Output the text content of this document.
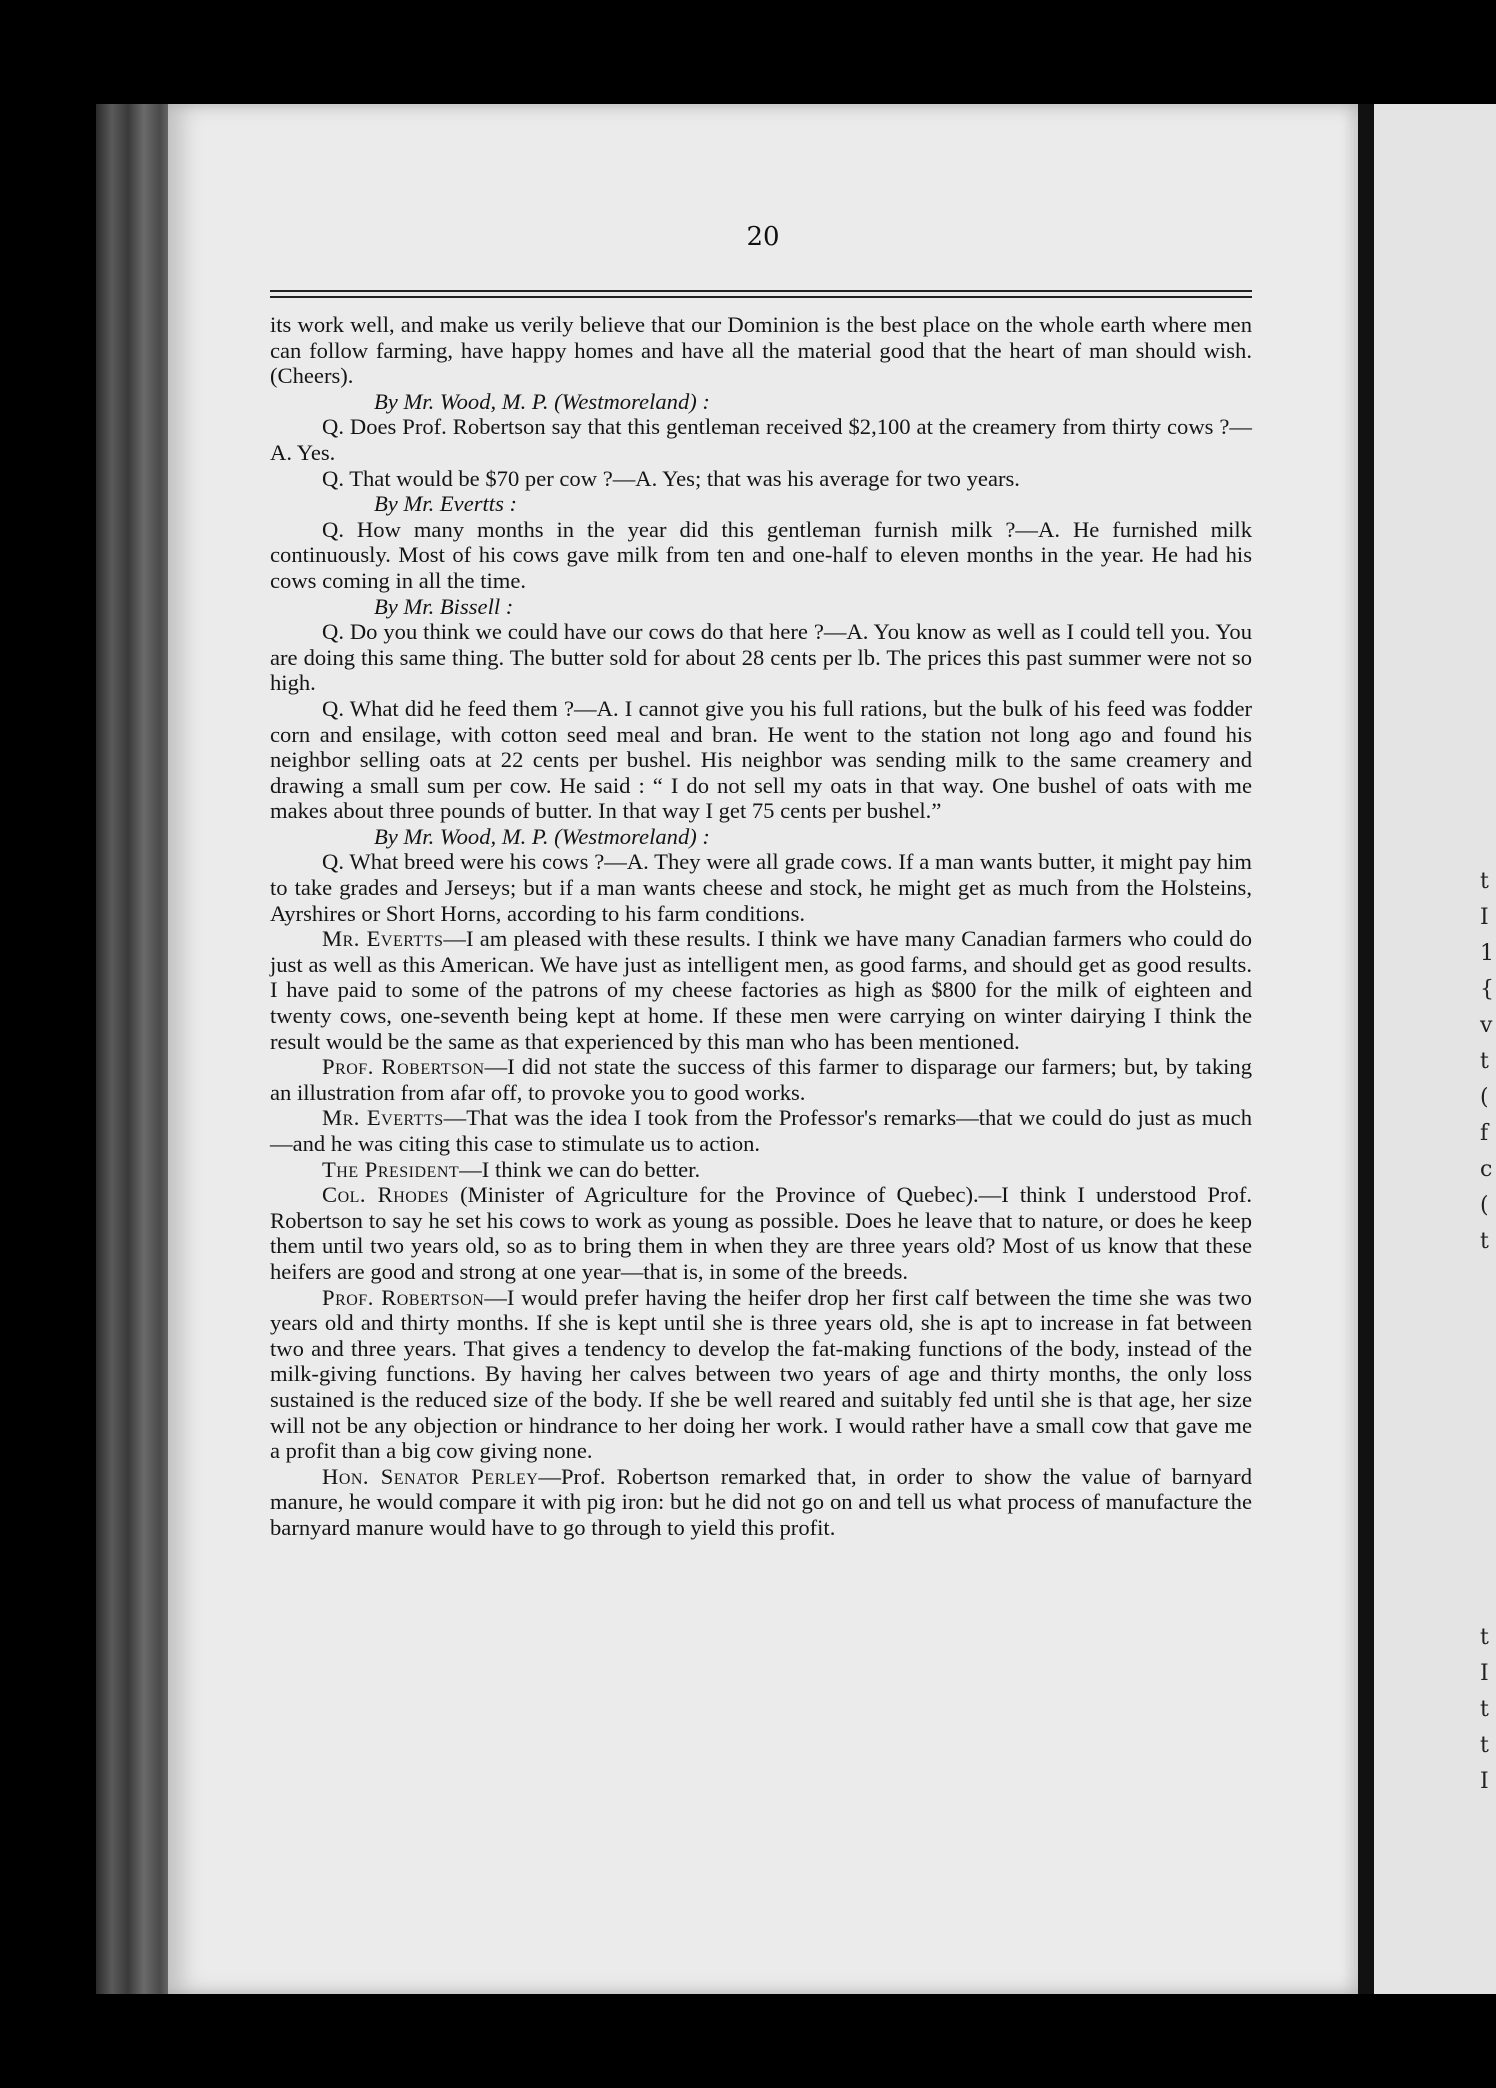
20

its work well, and make us verily believe that our Dominion is the best place on the whole earth where men can follow farming, have happy homes and have all the material good that the heart of man should wish. (Cheers).

By Mr. Wood, M. P. (Westmoreland) :

Q. Does Prof. Robertson say that this gentleman received $2,100 at the creamery from thirty cows ?—A. Yes.

Q. That would be $70 per cow ?—A. Yes; that was his average for two years.

By Mr. Evertts :

Q. How many months in the year did this gentleman furnish milk ?—A. He furnished milk continuously. Most of his cows gave milk from ten and one-half to eleven months in the year. He had his cows coming in all the time.

By Mr. Bissell :

Q. Do you think we could have our cows do that here ?—A. You know as well as I could tell you. You are doing this same thing. The butter sold for about 28 cents per lb. The prices this past summer were not so high.

Q. What did he feed them ?—A. I cannot give you his full rations, but the bulk of his feed was fodder corn and ensilage, with cotton seed meal and bran. He went to the station not long ago and found his neighbor selling oats at 22 cents per bushel. His neighbor was sending milk to the same creamery and drawing a small sum per cow. He said : “ I do not sell my oats in that way. One bushel of oats with me makes about three pounds of butter. In that way I get 75 cents per bushel.”

By Mr. Wood, M. P. (Westmoreland) :

Q. What breed were his cows ?—A. They were all grade cows. If a man wants butter, it might pay him to take grades and Jerseys; but if a man wants cheese and stock, he might get as much from the Holsteins, Ayrshires or Short Horns, according to his farm conditions.

Mr. Evertts—I am pleased with these results. I think we have many Canadian farmers who could do just as well as this American. We have just as intelligent men, as good farms, and should get as good results. I have paid to some of the patrons of my cheese factories as high as $800 for the milk of eighteen and twenty cows, one-seventh being kept at home. If these men were carrying on winter dairying I think the result would be the same as that experienced by this man who has been mentioned.

Prof. Robertson—I did not state the success of this farmer to disparage our farmers; but, by taking an illustration from afar off, to provoke you to good works.

Mr. Evertts—That was the idea I took from the Professor's remarks—that we could do just as much—and he was citing this case to stimulate us to action.

The President—I think we can do better.

Col. Rhodes (Minister of Agriculture for the Province of Quebec).—I think I understood Prof. Robertson to say he set his cows to work as young as possible. Does he leave that to nature, or does he keep them until two years old, so as to bring them in when they are three years old? Most of us know that these heifers are good and strong at one year—that is, in some of the breeds.

Prof. Robertson—I would prefer having the heifer drop her first calf between the time she was two years old and thirty months. If she is kept until she is three years old, she is apt to increase in fat between two and three years. That gives a tendency to develop the fat-making functions of the body, instead of the milk-giving functions. By having her calves between two years of age and thirty months, the only loss sustained is the reduced size of the body. If she be well reared and suitably fed until she is that age, her size will not be any objection or hindrance to her doing her work. I would rather have a small cow that gave me a profit than a big cow giving none.

Hon. Senator Perley—Prof. Robertson remarked that, in order to show the value of barnyard manure, he would compare it with pig iron: but he did not go on and tell us what process of manufacture the barnyard manure would have to go through to yield this profit.

t
I
1
{
v
t
(
f
c
(
t

t
I
t
t
I
